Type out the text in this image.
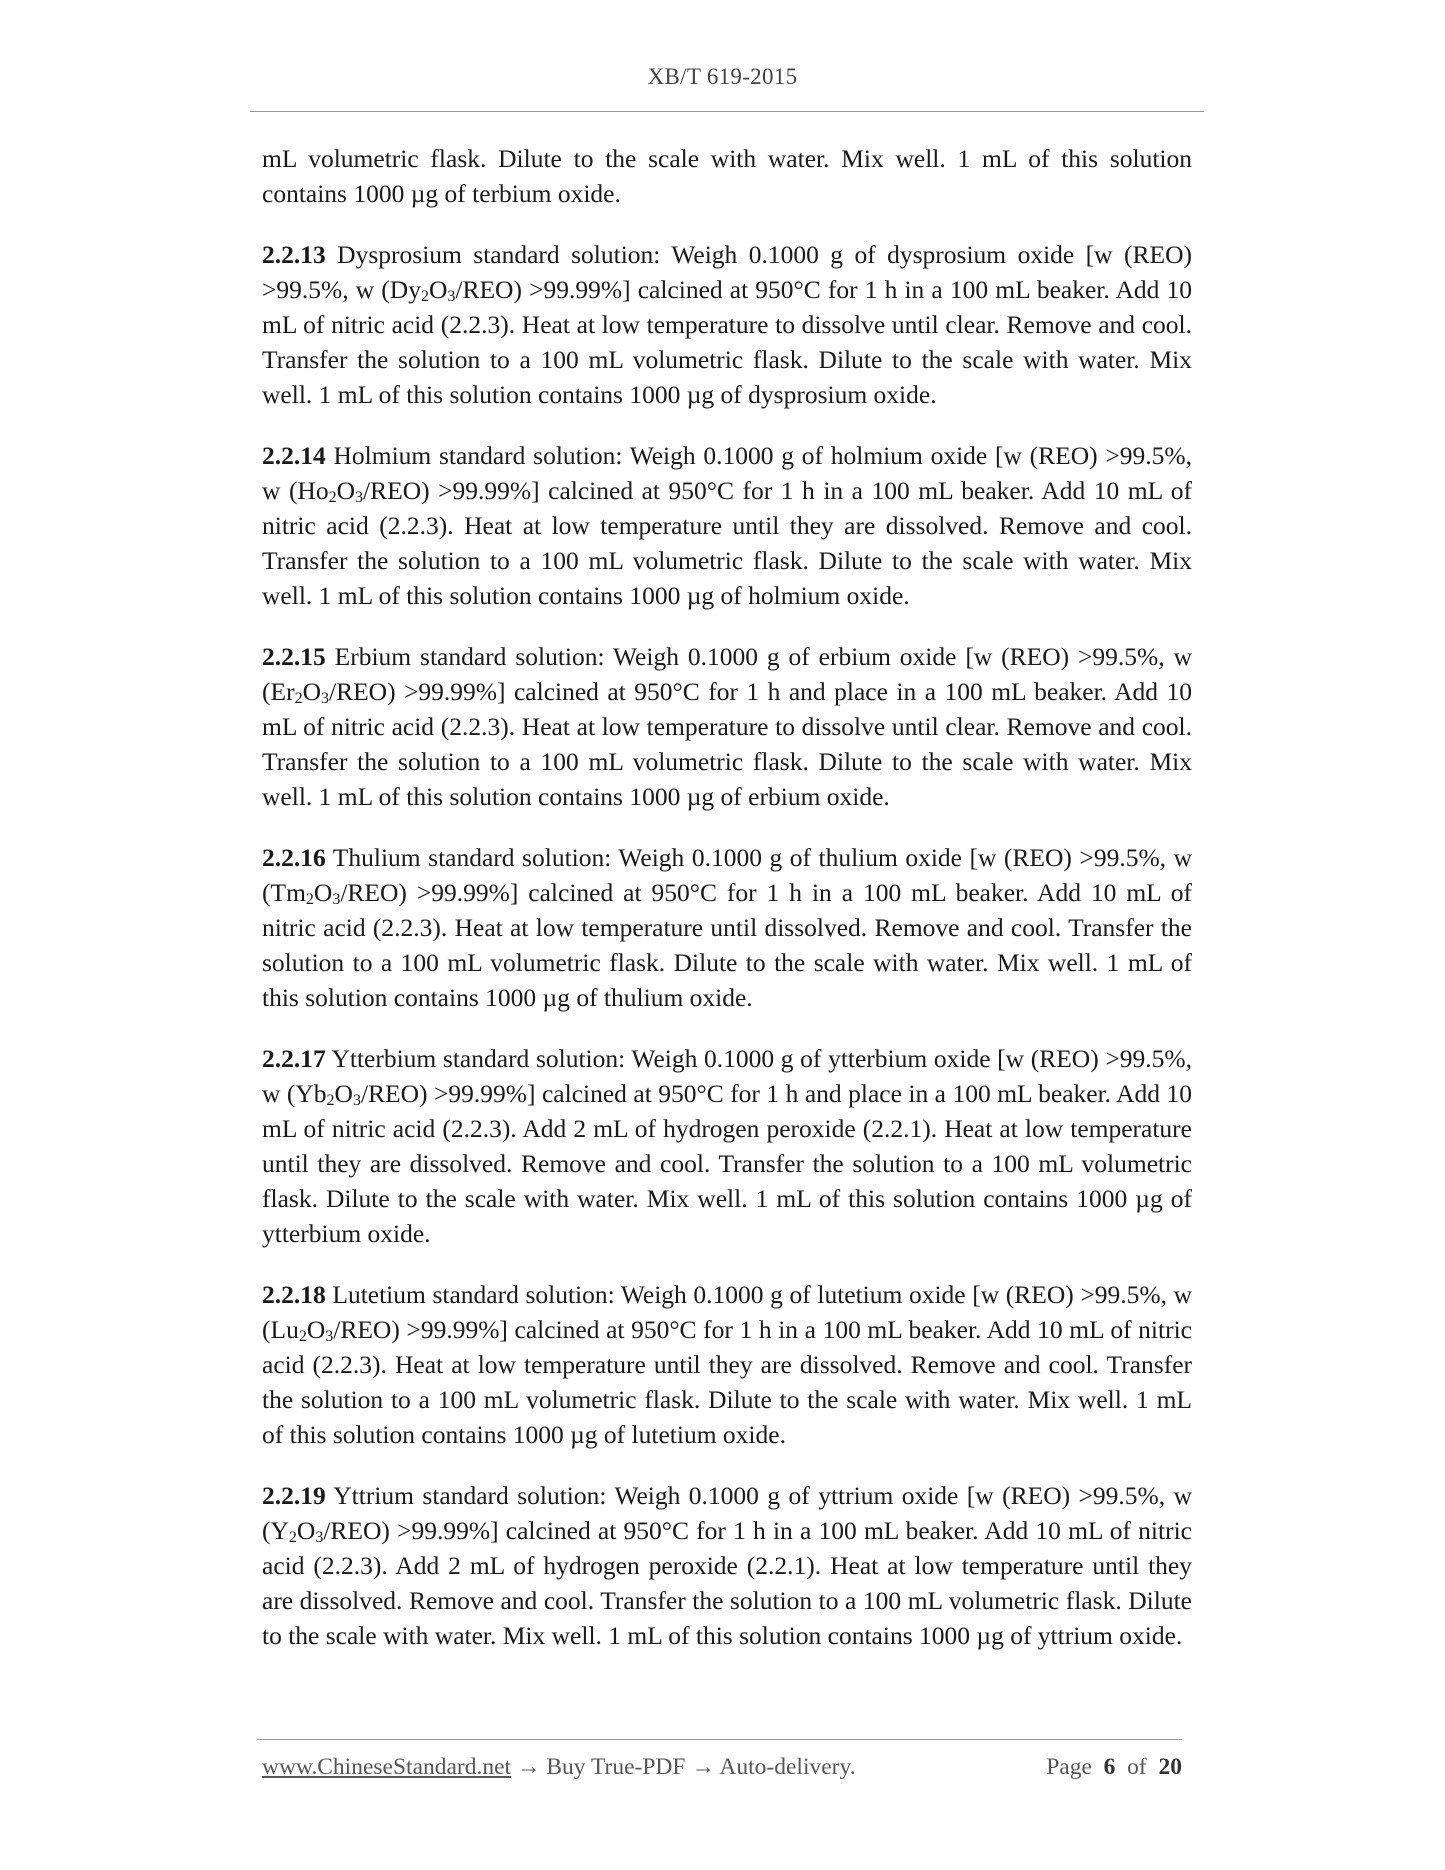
XB/T 619-2015

mL volumetric flask. Dilute to the scale with water. Mix well. 1 mL of this solution contains 1000 µg of terbium oxide.

2.2.13 Dysprosium standard solution: Weigh 0.1000 g of dysprosium oxide [w (REO) >99.5%, w $(Dy_2O_3/REO) >99.99\%$] calcined at 950°C for 1 h in a 100 mL beaker. Add 10 mL of nitric acid (2.2.3). Heat at low temperature to dissolve until clear. Remove and cool. Transfer the solution to a 100 mL volumetric flask. Dilute to the scale with water. Mix well. 1 mL of this solution contains 1000 µg of dysprosium oxide.

2.2.14 Holmium standard solution: Weigh 0.1000 g of holmium oxide [w (REO) >99.5%, w $(Ho_2O_3/REO) >99.99\%$] calcined at 950°C for 1 h in a 100 mL beaker. Add 10 mL of nitric acid (2.2.3). Heat at low temperature until they are dissolved. Remove and cool. Transfer the solution to a 100 mL volumetric flask. Dilute to the scale with water. Mix well. 1 mL of this solution contains 1000 µg of holmium oxide.

2.2.15 Erbium standard solution: Weigh 0.1000 g of erbium oxide [w (REO) >99.5%, w $(Er_2O_3/REO) >99.99\%$] calcined at 950°C for 1 h and place in a 100 mL beaker. Add 10 mL of nitric acid (2.2.3). Heat at low temperature to dissolve until clear. Remove and cool. Transfer the solution to a 100 mL volumetric flask. Dilute to the scale with water. Mix well. 1 mL of this solution contains 1000 µg of erbium oxide.

2.2.16 Thulium standard solution: Weigh 0.1000 g of thulium oxide [w (REO) >99.5%, w $(Tm_2O_3/REO) >99.99\%$] calcined at 950°C for 1 h in a 100 mL beaker. Add 10 mL of nitric acid (2.2.3). Heat at low temperature until dissolved. Remove and cool. Transfer the solution to a 100 mL volumetric flask. Dilute to the scale with water. Mix well. 1 mL of this solution contains 1000 µg of thulium oxide.

2.2.17 Ytterbium standard solution: Weigh 0.1000 g of ytterbium oxide [w (REO) >99.5%, w $(Yb_2O_3/REO) >99.99\%$] calcined at 950°C for 1 h and place in a 100 mL beaker. Add 10 mL of nitric acid (2.2.3). Add 2 mL of hydrogen peroxide (2.2.1). Heat at low temperature until they are dissolved. Remove and cool. Transfer the solution to a 100 mL volumetric flask. Dilute to the scale with water. Mix well. 1 mL of this solution contains 1000 µg of ytterbium oxide.

2.2.18 Lutetium standard solution: Weigh 0.1000 g of lutetium oxide [w (REO) >99.5%, w $(Lu_2O_3/REO) >99.99\%$] calcined at 950°C for 1 h in a 100 mL beaker. Add 10 mL of nitric acid (2.2.3). Heat at low temperature until they are dissolved. Remove and cool. Transfer the solution to a 100 mL volumetric flask. Dilute to the scale with water. Mix well. 1 mL of this solution contains 1000 µg of lutetium oxide.

2.2.19 Yttrium standard solution: Weigh 0.1000 g of yttrium oxide [w (REO) >99.5%, w $(Y_2O_3/REO) >99.99\%$] calcined at 950°C for 1 h in a 100 mL beaker. Add 10 mL of nitric acid (2.2.3). Add 2 mL of hydrogen peroxide (2.2.1). Heat at low temperature until they are dissolved. Remove and cool. Transfer the solution to a 100 mL volumetric flask. Dilute to the scale with water. Mix well. 1 mL of this solution contains 1000 µg of yttrium oxide.

www.ChineseStandard.net → Buy True-PDF → Auto-delivery.	Page 6 of 20
